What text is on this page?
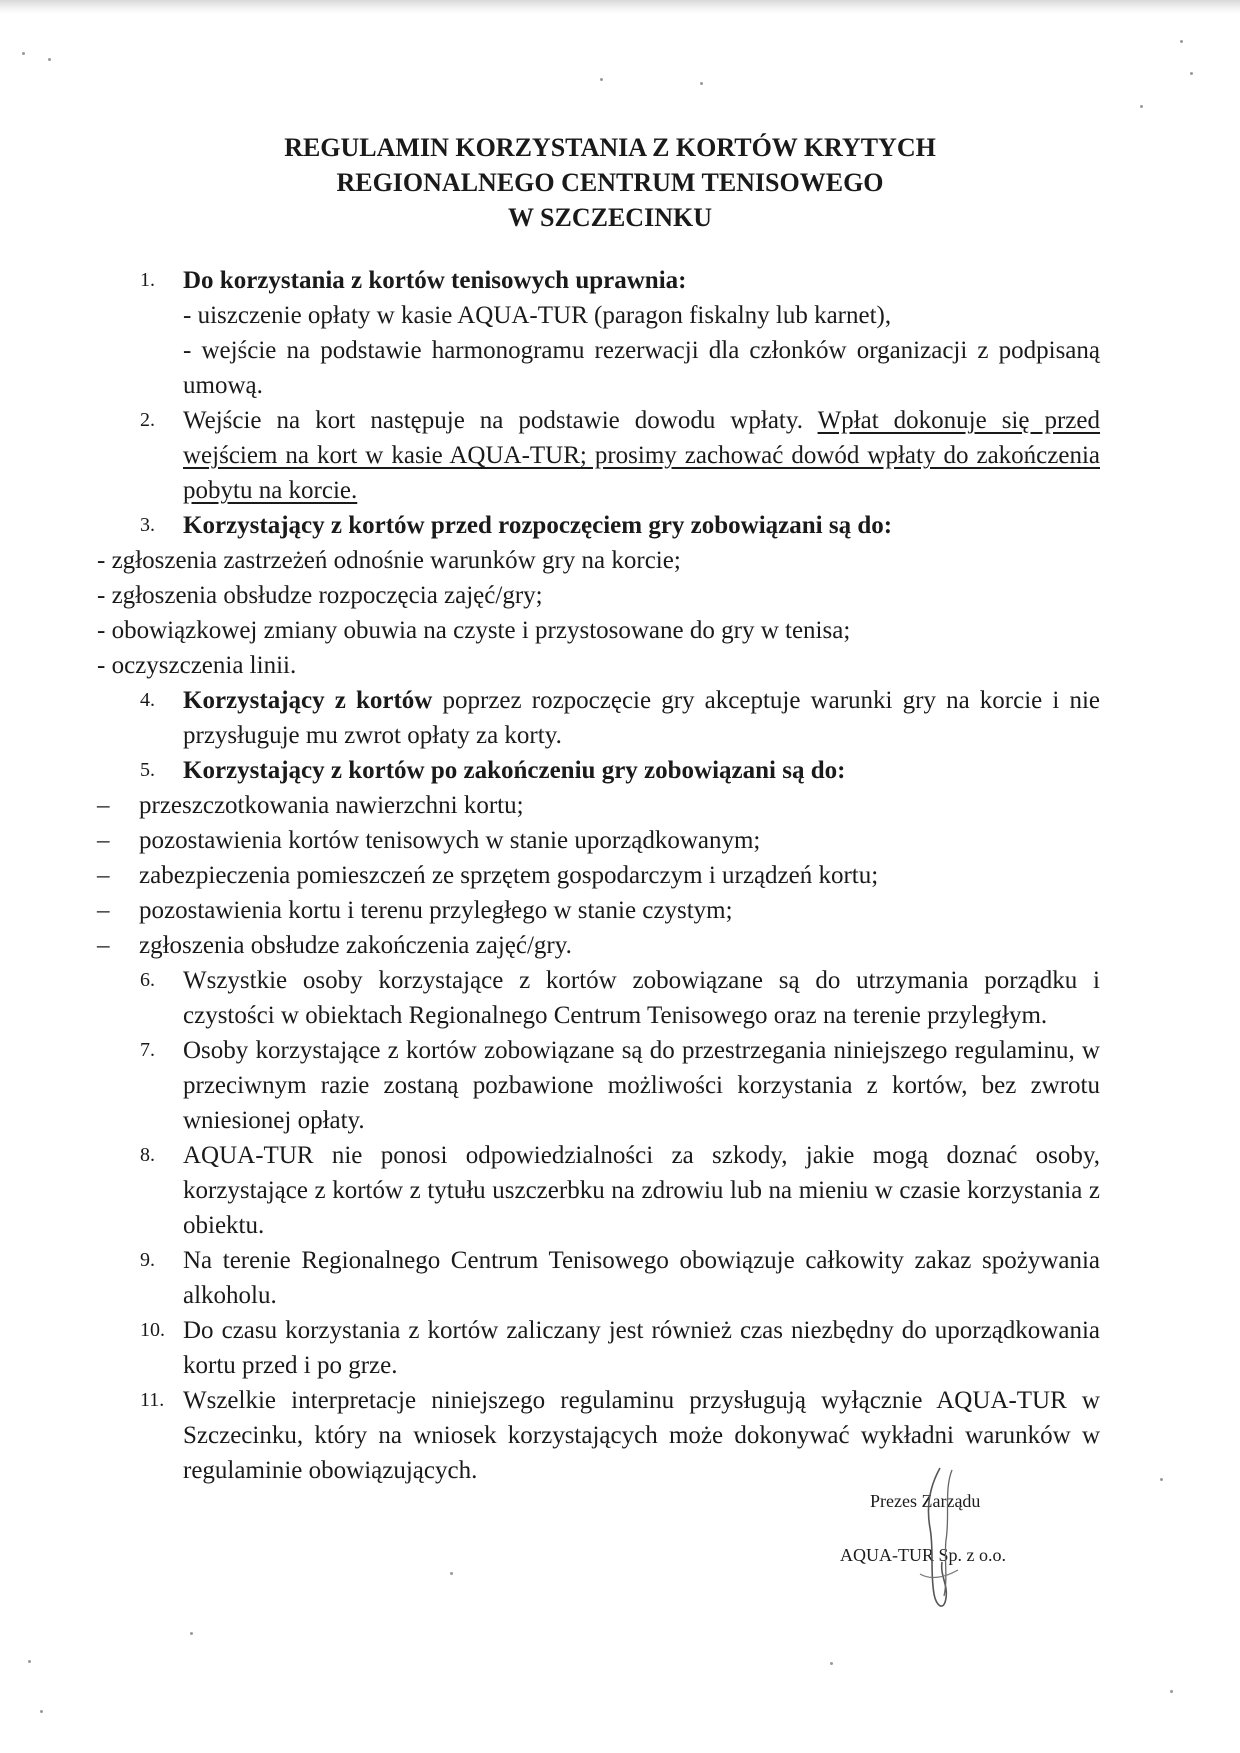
REGULAMIN KORZYSTANIA Z KORTÓW KRYTYCH
REGIONALNEGO CENTRUM TENISOWEGO
W SZCZECINKU
1. Do korzystania z kortów tenisowych uprawnia:
- uiszczenie opłaty w kasie AQUA-TUR (paragon fiskalny lub karnet),
- wejście na podstawie harmonogramu rezerwacji dla członków organizacji z podpisaną umową.
2. Wejście na kort następuje na podstawie dowodu wpłaty. Wpłat dokonuje się przed wejściem na kort w kasie AQUA-TUR; prosimy zachować dowód wpłaty do zakończenia pobytu na korcie.
3. Korzystający z kortów przed rozpoczęciem gry zobowiązani są do:
- zgłoszenia zastrzeżeń odnośnie warunków gry na korcie;
- zgłoszenia obsłudze rozpoczęcia zajęć/gry;
- obowiązkowej zmiany obuwia na czyste i przystosowane do gry w tenisa;
- oczyszczenia linii.
4. Korzystający z kortów poprzez rozpoczęcie gry akceptuje warunki gry na korcie i nie przysługuje mu zwrot opłaty za korty.
5. Korzystający z kortów po zakończeniu gry zobowiązani są do:
– przeszczotkowania nawierzchni kortu;
– pozostawienia kortów tenisowych w stanie uporządkowanym;
– zabezpieczenia pomieszczeń ze sprzętem gospodarczym i urządzeń kortu;
– pozostawienia kortu i terenu przyległego w stanie czystym;
– zgłoszenia obsłudze zakończenia zajęć/gry.
6. Wszystkie osoby korzystające z kortów zobowiązane są do utrzymania porządku i czystości w obiektach Regionalnego Centrum Tenisowego oraz na terenie przyległym.
7. Osoby korzystające z kortów zobowiązane są do przestrzegania niniejszego regulaminu, w przeciwnym razie zostaną pozbawione możliwości korzystania z kortów, bez zwrotu wniesionej opłaty.
8. AQUA-TUR nie ponosi odpowiedzialności za szkody, jakie mogą doznać osoby, korzystające z kortów z tytułu uszczerbku na zdrowiu lub na mieniu w czasie korzystania z obiektu.
9. Na terenie Regionalnego Centrum Tenisowego obowiązuje całkowity zakaz spożywania alkoholu.
10. Do czasu korzystania z kortów zaliczany jest również czas niezbędny do uporządkowania kortu przed i po grze.
11. Wszelkie interpretacje niniejszego regulaminu przysługują wyłącznie AQUA-TUR w Szczecinku, który na wniosek korzystających może dokonywać wykładni warunków w regulaminie obowiązujących.
Prezes Zarządu
AQUA-TUR Sp. z o.o.
